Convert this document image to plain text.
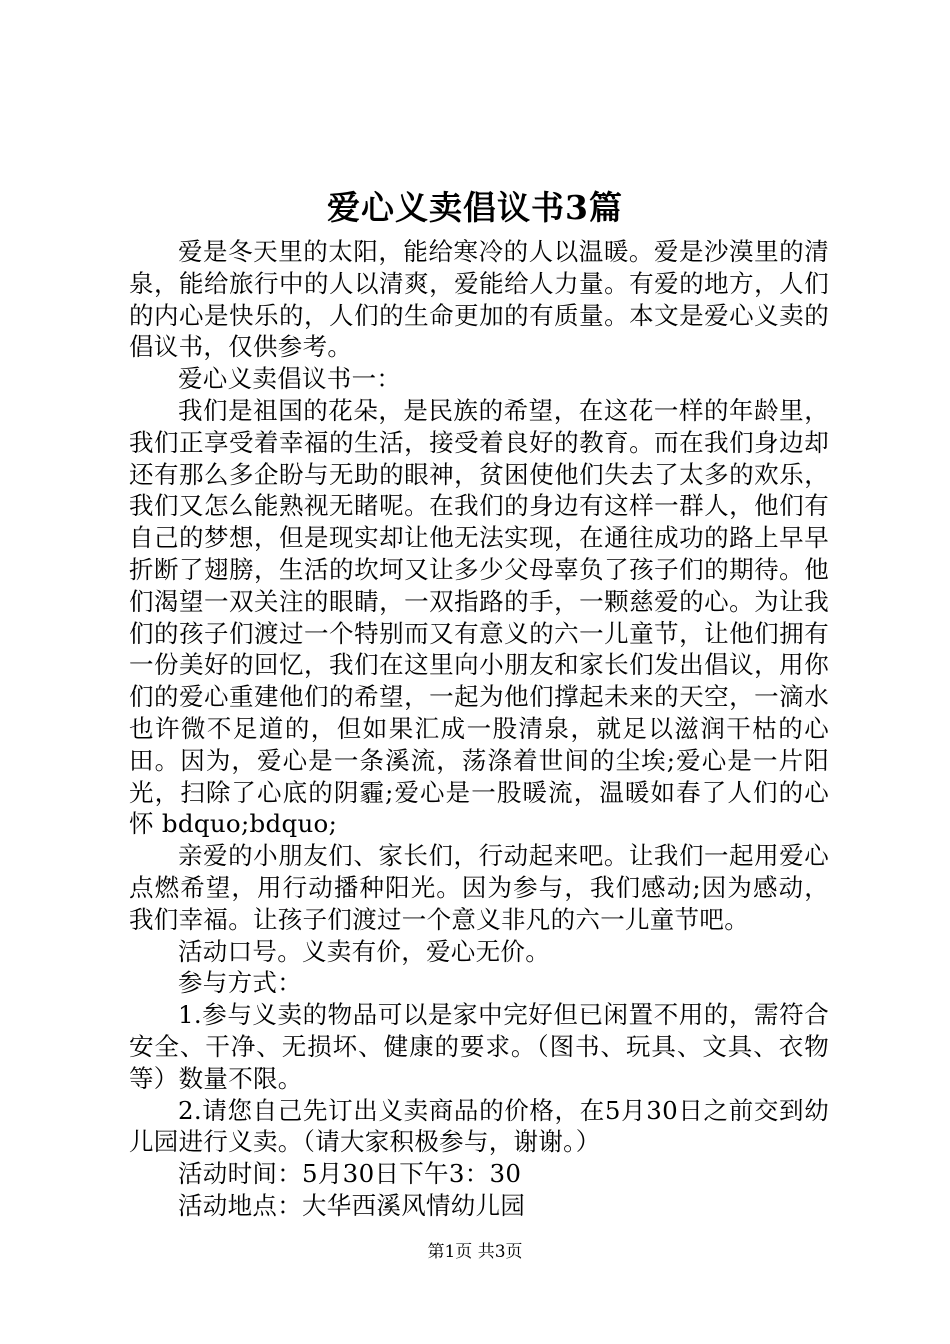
爱心义卖倡议书3篇

爱是冬天里的太阳，能给寒冷的人以温暖。爱是沙漠里的清泉，能给旅行中的人以清爽，爱能给人力量。有爱的地方，人们的内心是快乐的，人们的生命更加的有质量。本文是爱心义卖的倡议书，仅供参考。

爱心义卖倡议书一：

我们是祖国的花朵，是民族的希望，在这花一样的年龄里，我们正享受着幸福的生活，接受着良好的教育。而在我们身边却还有那么多企盼与无助的眼神，贫困使他们失去了太多的欢乐，我们又怎么能熟视无睹呢。在我们的身边有这样一群人，他们有自己的梦想，但是现实却让他无法实现，在通往成功的路上早早折断了翅膀，生活的坎坷又让多少父母辜负了孩子们的期待。他们渴望一双关注的眼睛，一双指路的手，一颗慈爱的心。为让我们的孩子们渡过一个特别而又有意义的六一儿童节，让他们拥有一份美好的回忆，我们在这里向小朋友和家长们发出倡议，用你们的爱心重建他们的希望，一起为他们撑起未来的天空，一滴水也许微不足道的，但如果汇成一股清泉，就足以滋润干枯的心田。因为，爱心是一条溪流，荡涤着世间的尘埃;爱心是一片阳光，扫除了心底的阴霾;爱心是一股暖流，温暖如春了人们的心怀 bdquo;bdquo;

亲爱的小朋友们、家长们，行动起来吧。让我们一起用爱心点燃希望，用行动播种阳光。因为参与，我们感动;因为感动，我们幸福。让孩子们渡过一个意义非凡的六一儿童节吧。

活动口号。义卖有价，爱心无价。

参与方式：

1.参与义卖的物品可以是家中完好但已闲置不用的，需符合安全、干净、无损坏、健康的要求。（图书、玩具、文具、衣物等）数量不限。

2.请您自己先订出义卖商品的价格，在5月30日之前交到幼儿园进行义卖。（请大家积极参与，谢谢。）

活动时间：5月30日下午3：30

活动地点：大华西溪风情幼儿园

第1页 共3页
